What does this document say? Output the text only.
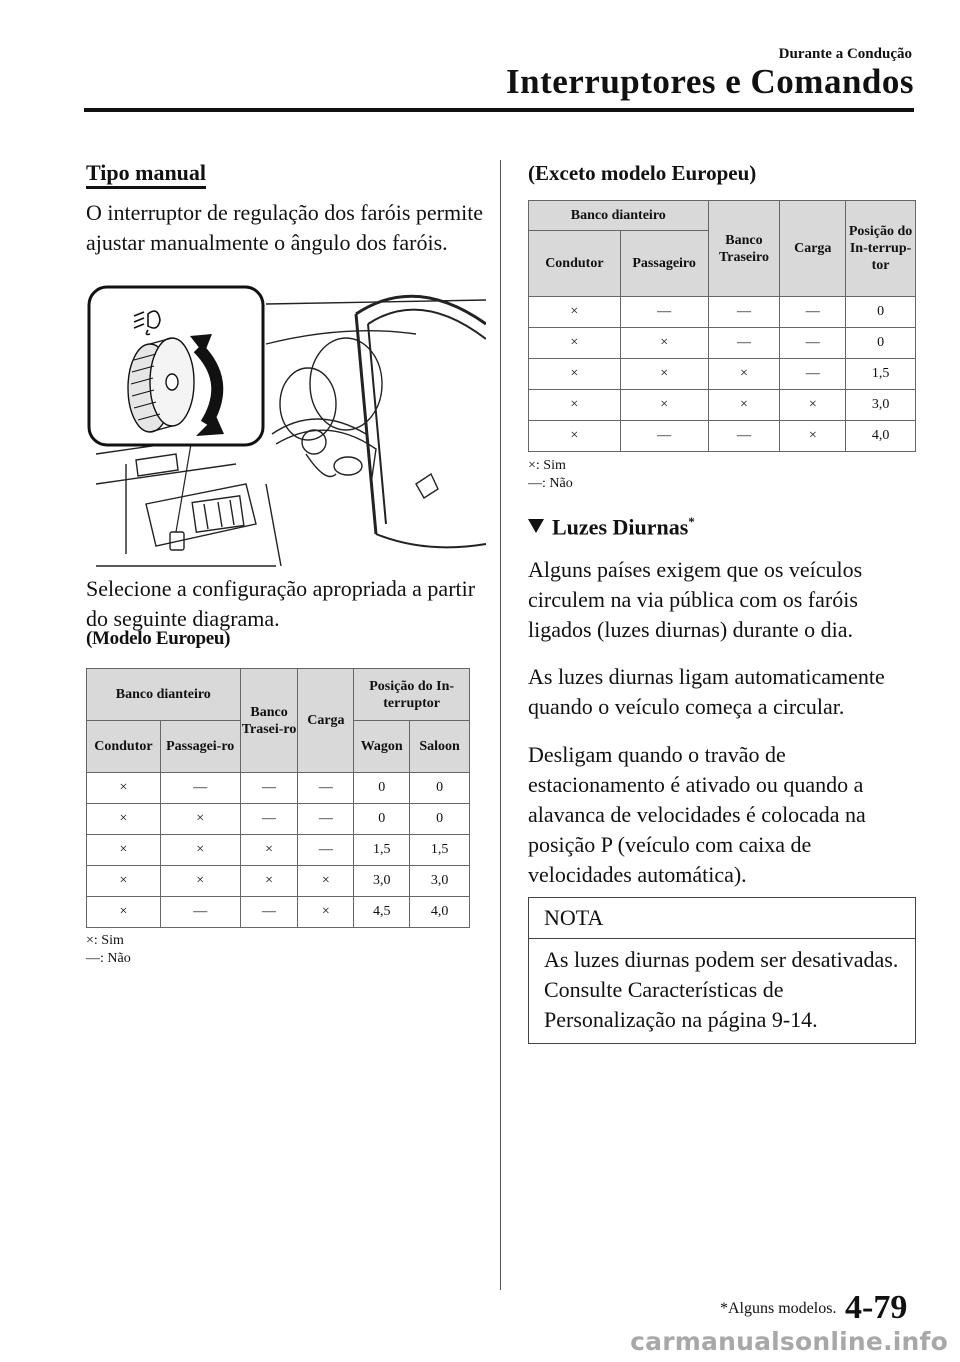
Durante a Condução
Interruptores e Comandos
Tipo manual
O interruptor de regulação dos faróis permite ajustar manualmente o ângulo dos faróis.
Selecione a configuração apropriada a partir do seguinte diagrama.
(Modelo Europeu)
Banco dianteiro		Banco Trasei-ro	Carga	Posição do In-terruptor	
Condutor	Passagei-ro			Wagon	Saloon
×	—	—	—	0	0
×	×	—	—	0	0
×	×	×	—	1,5	1,5
×	×	×	×	3,0	3,0
×	—	—	×	4,5	4,0
×: Sim
—: Não
(Exceto modelo Europeu)
Banco dianteiro		Banco Traseiro	Carga	Posição do In-terrup-tor
Condutor	Passageiro			
×	—	—	—	0
×	×	—	—	0
×	×	×	—	1,5
×	×	×	×	3,0
×	—	—	×	4,0
×: Sim
—: Não
Luzes Diurnas*
Alguns países exigem que os veículos circulem na via pública com os faróis ligados (luzes diurnas) durante o dia.
As luzes diurnas ligam automaticamente quando o veículo começa a circular.
Desligam quando o travão de estacionamento é ativado ou quando a alavanca de velocidades é colocada na posição P (veículo com caixa de velocidades automática).
NOTA
As luzes diurnas podem ser desativadas.
Consulte Características de Personalização na página 9-14.
*Alguns modelos. 4-79
carmanualsonline.info
